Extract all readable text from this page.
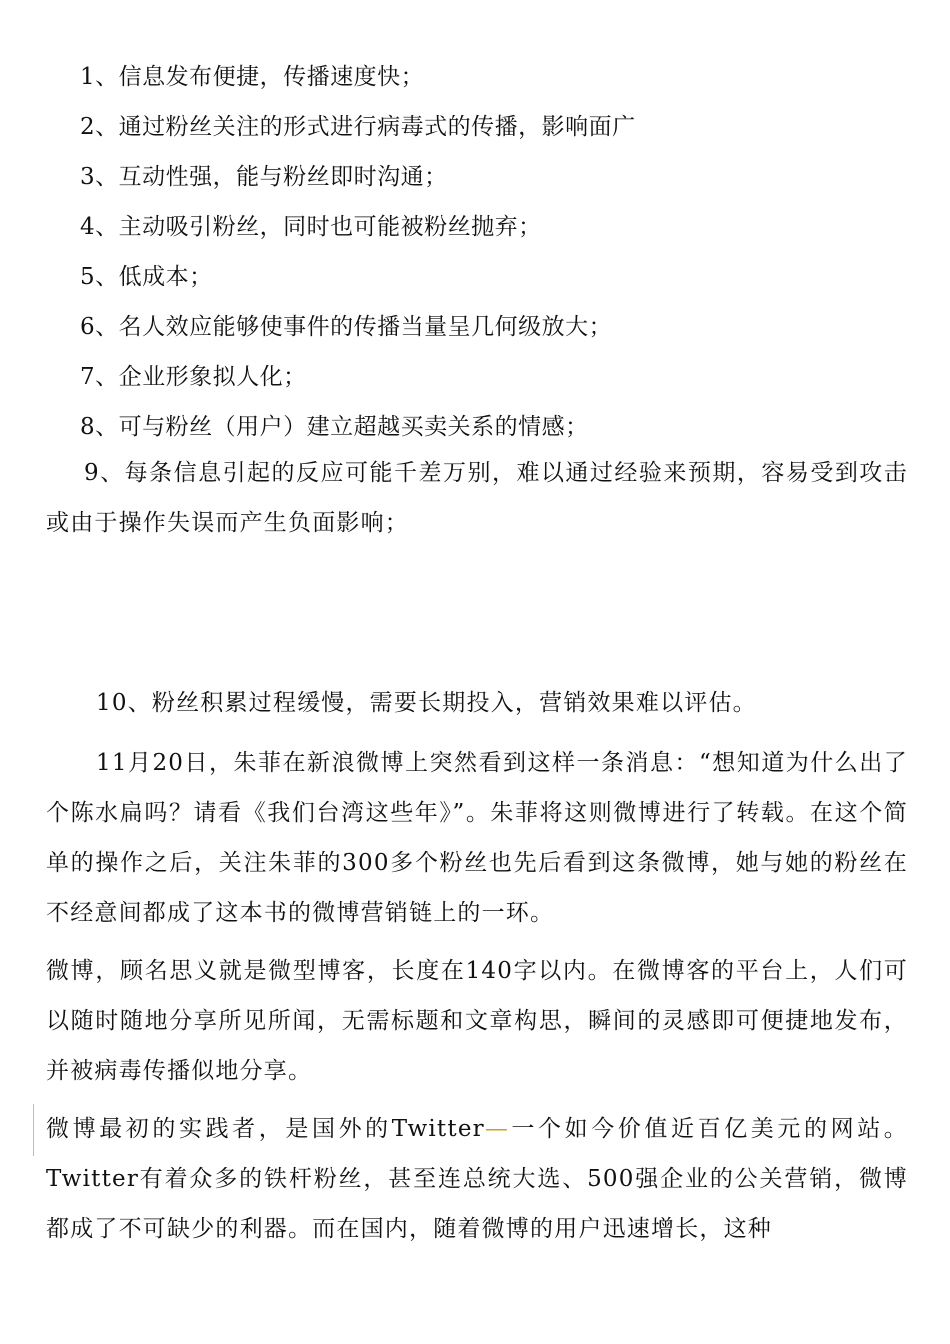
1、信息发布便捷，传播速度快；
2、通过粉丝关注的形式进行病毒式的传播，影响面广
3、互动性强，能与粉丝即时沟通；
4、主动吸引粉丝，同时也可能被粉丝抛弃；
5、低成本；
6、名人效应能够使事件的传播当量呈几何级放大；
7、企业形象拟人化；
8、可与粉丝（用户）建立超越买卖关系的情感；
9、每条信息引起的反应可能千差万别，难以通过经验来预期，容易受到攻击或由于操作失误而产生负面影响；
10、粉丝积累过程缓慢，需要长期投入，营销效果难以评估。
11月20日，朱菲在新浪微博上突然看到这样一条消息：“想知道为什么出了个陈水扁吗？请看《我们台湾这些年》”。朱菲将这则微博进行了转载。在这个简单的操作之后，关注朱菲的300多个粉丝也先后看到这条微博，她与她的粉丝在不经意间都成了这本书的微博营销链上的一环。
微博，顾名思义就是微型博客，长度在140字以内。在微博客的平台上，人们可以随时随地分享所见所闻，无需标题和文章构思，瞬间的灵感即可便捷地发布，并被病毒传播似地分享。
微博最初的实践者，是国外的Twitter—一个如今价值近百亿美元的网站。Twitter有着众多的铁杆粉丝，甚至连总统大选、500强企业的公关营销，微博都成了不可缺少的利器。而在国内，随着微博的用户迅速增长，这种
